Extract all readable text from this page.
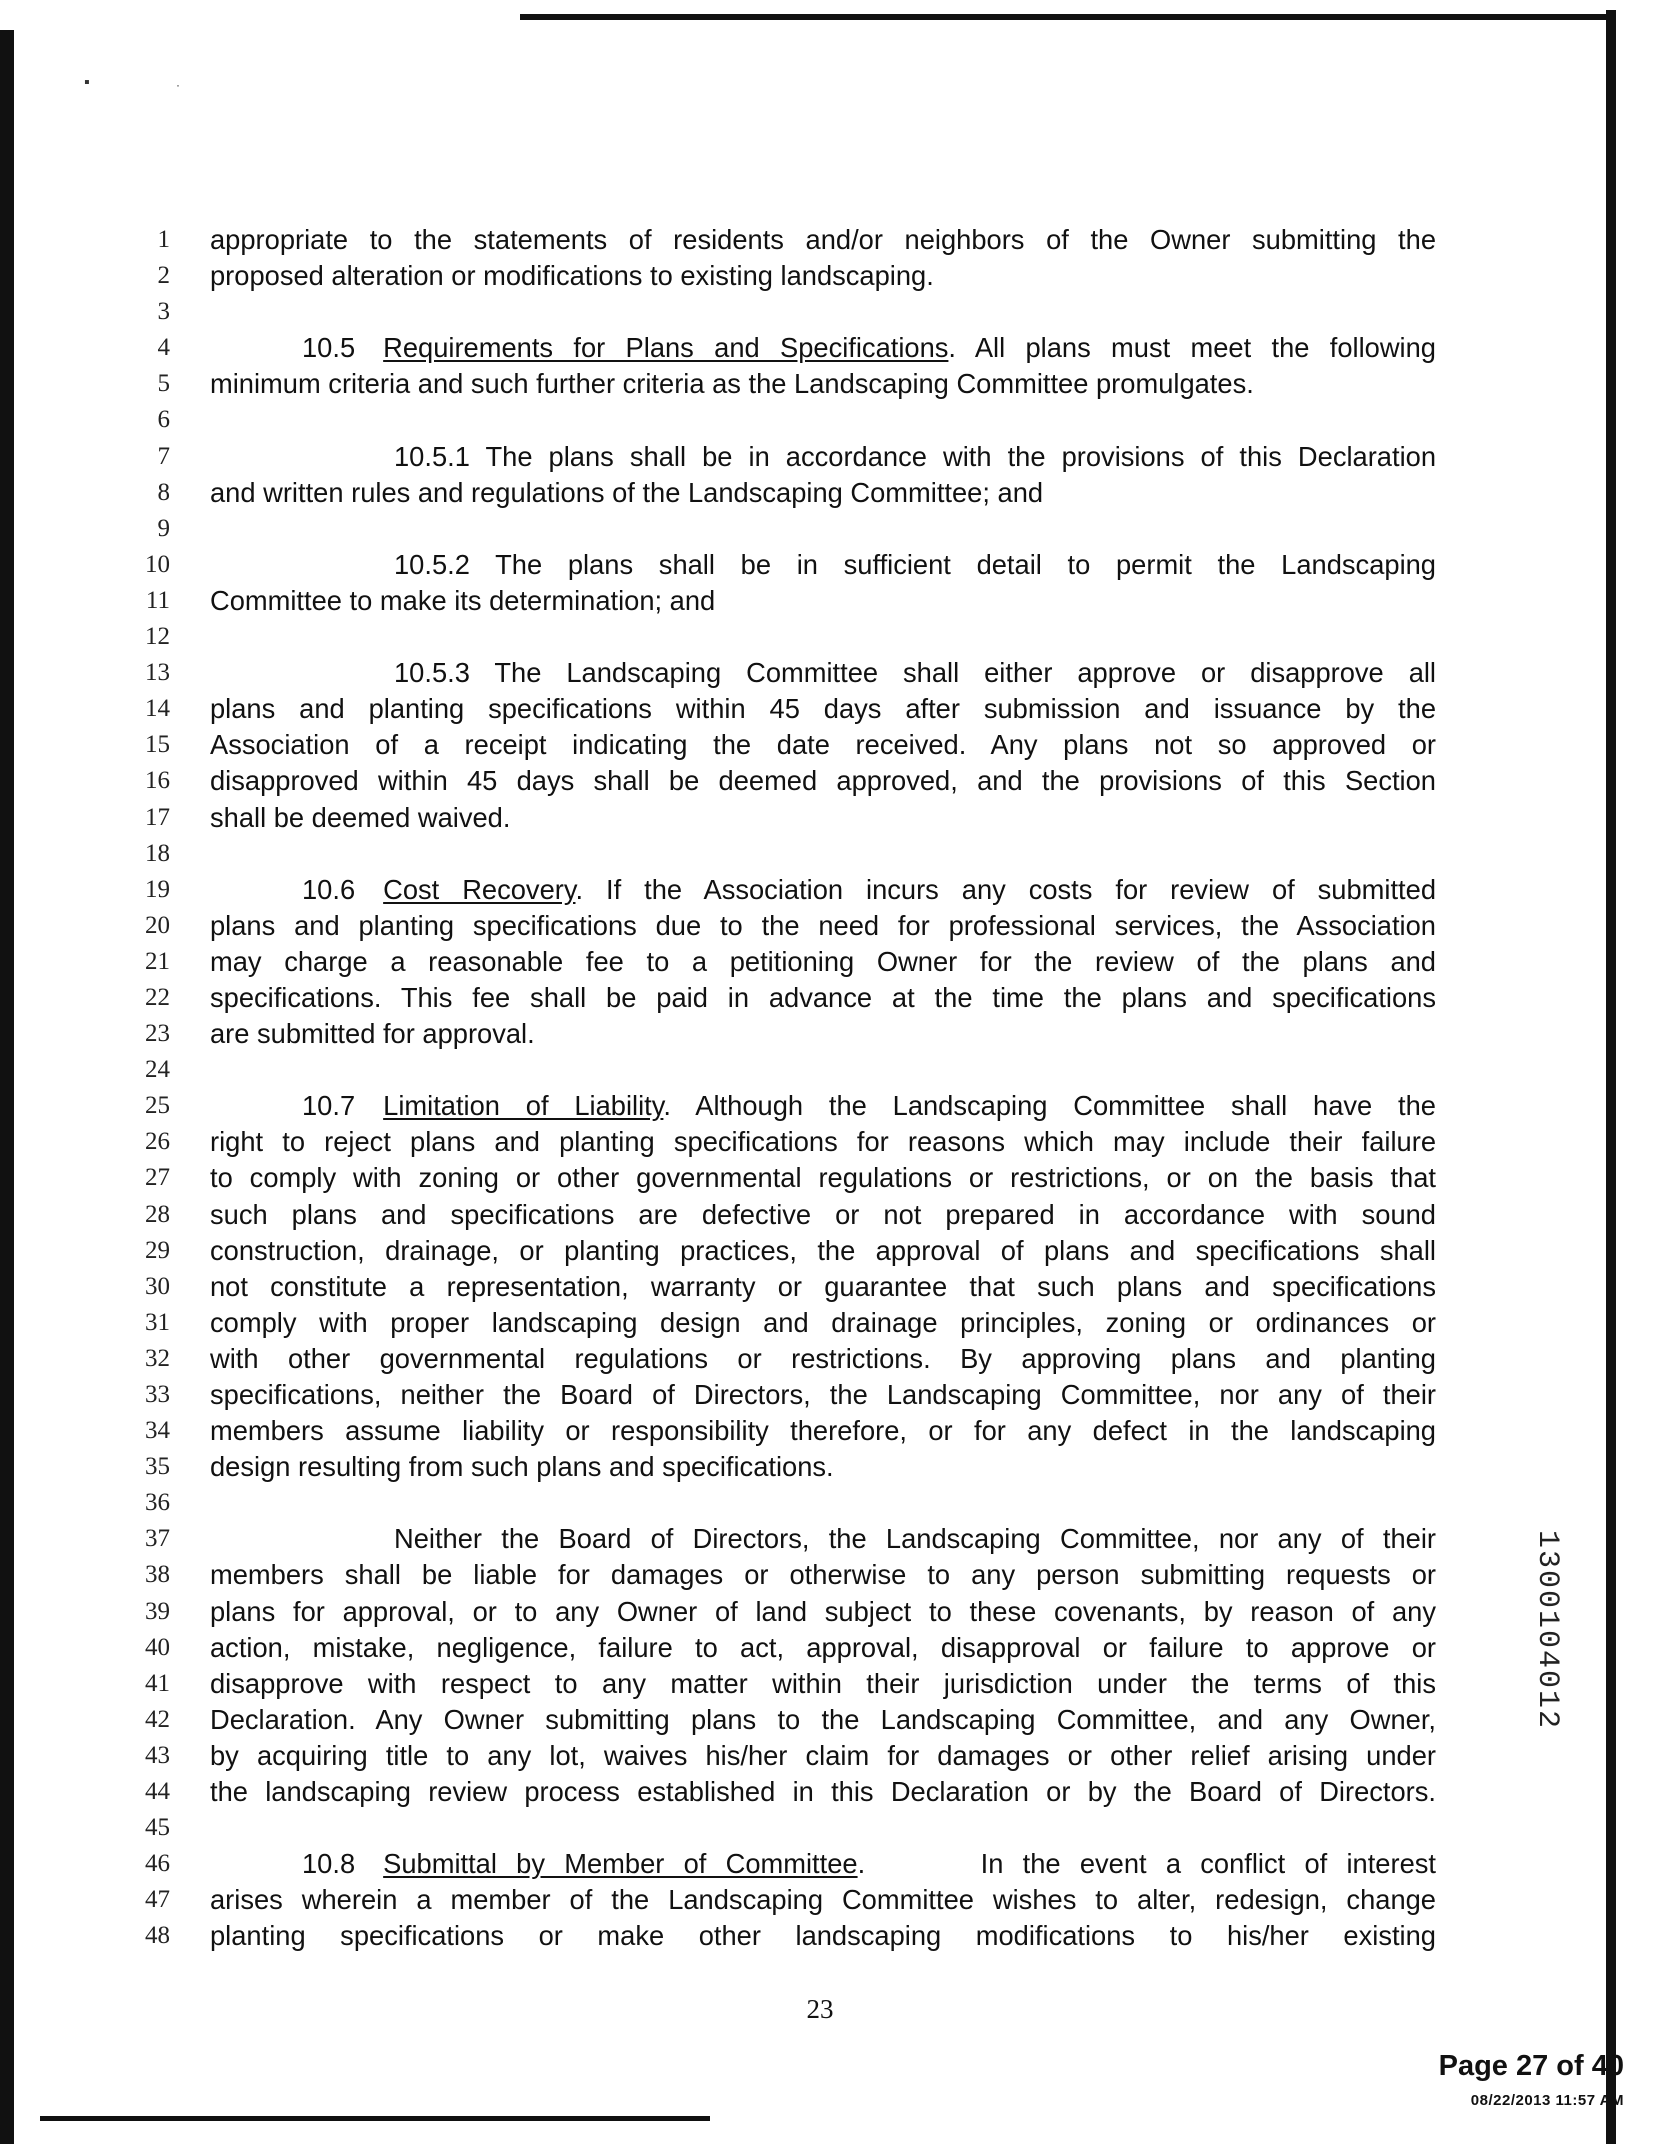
▪	·
1
2
3
4
5
6
7
8
9
10
11
12
13
14
15
16
17
18
19
20
21
22
23
24
25
26
27
28
29
30
31
32
33
34
35
36
37
38
39
40
41
42
43
44
45
46
47
48
appropriate to the statements of residents and/or neighbors of the Owner submitting the
proposed alteration or modifications to existing landscaping.
10.5 Requirements for Plans and Specifications. All plans must meet the following
minimum criteria and such further criteria as the Landscaping Committee promulgates.
10.5.1 The plans shall be in accordance with the provisions of this Declaration
and written rules and regulations of the Landscaping Committee; and
10.5.2 The plans shall be in sufficient detail to permit the Landscaping
Committee to make its determination; and
10.5.3 The Landscaping Committee shall either approve or disapprove all
plans and planting specifications within 45 days after submission and issuance by the
Association of a receipt indicating the date received. Any plans not so approved or
disapproved within 45 days shall be deemed approved, and the provisions of this Section
shall be deemed waived.
10.6 Cost Recovery. If the Association incurs any costs for review of submitted
plans and planting specifications due to the need for professional services, the Association
may charge a reasonable fee to a petitioning Owner for the review of the plans and
specifications. This fee shall be paid in advance at the time the plans and specifications
are submitted for approval.
10.7 Limitation of Liability. Although the Landscaping Committee shall have the
right to reject plans and planting specifications for reasons which may include their failure
to comply with zoning or other governmental regulations or restrictions, or on the basis that
such plans and specifications are defective or not prepared in accordance with sound
construction, drainage, or planting practices, the approval of plans and specifications shall
not constitute a representation, warranty or guarantee that such plans and specifications
comply with proper landscaping design and drainage principles, zoning or ordinances or
with other governmental regulations or restrictions. By approving plans and planting
specifications, neither the Board of Directors, the Landscaping Committee, nor any of their
members assume liability or responsibility therefore, or for any defect in the landscaping
design resulting from such plans and specifications.
Neither the Board of Directors, the Landscaping Committee, nor any of their
members shall be liable for damages or otherwise to any person submitting requests or
plans for approval, or to any Owner of land subject to these covenants, by reason of any
action, mistake, negligence, failure to act, approval, disapproval or failure to approve or
disapprove with respect to any matter within their jurisdiction under the terms of this
Declaration. Any Owner submitting plans to the Landscaping Committee, and any Owner,
by acquiring title to any lot, waives his/her claim for damages or other relief arising under
the landscaping review process established in this Declaration or by the Board of Directors.
10.8 Submittal by Member of Committee.      In the event a conflict of interest
arises wherein a member of the Landscaping Committee wishes to alter, redesign, change
planting specifications or make other landscaping modifications to his/her existing
1300104012
23
Page 27 of 40
08/22/2013 11:57 AM
